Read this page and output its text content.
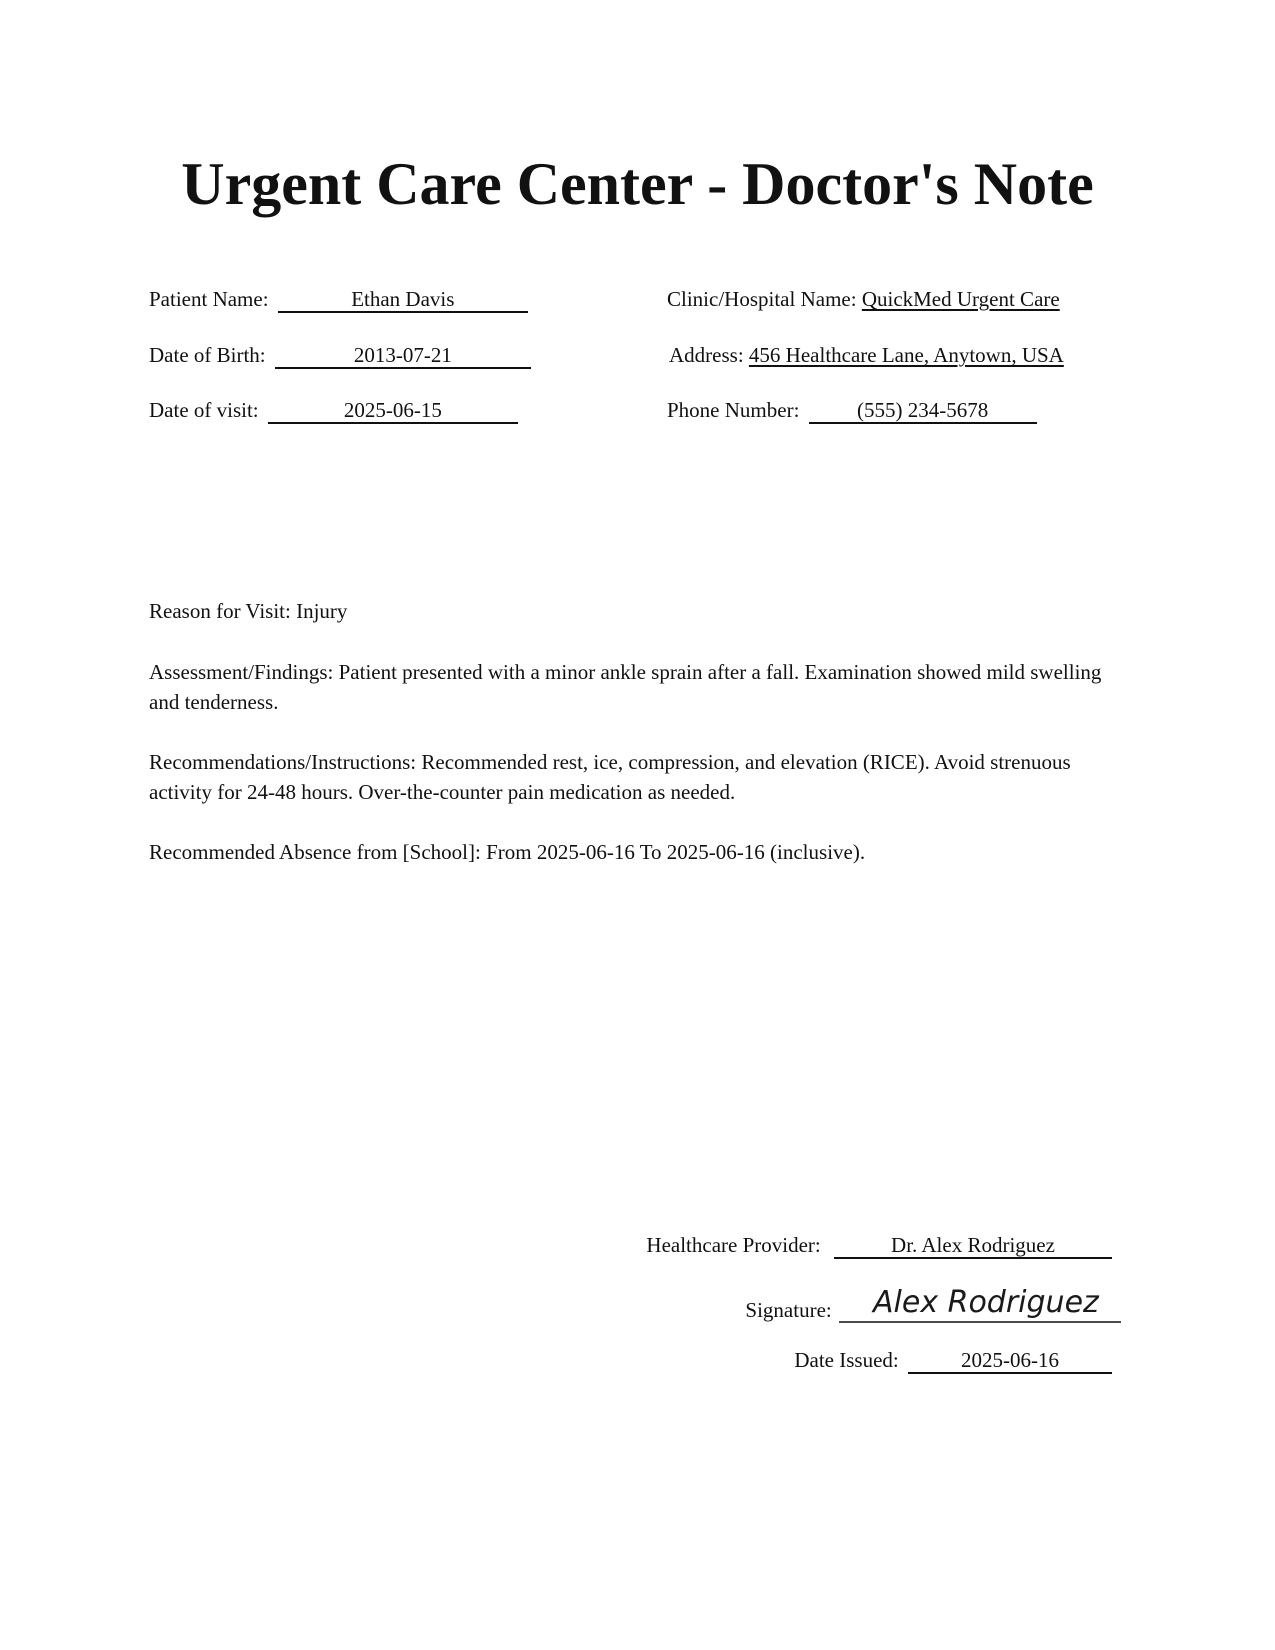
Urgent Care Center - Doctor's Note
Patient Name:	Ethan Davis
Date of Birth:	2013-07-21
Date of visit:	2025-06-15
Clinic/Hospital Name: QuickMed Urgent Care
Address: 456 Healthcare Lane, Anytown, USA
Phone Number:	(555) 234-5678

Reason for Visit: Injury

Assessment/Findings: Patient presented with a minor ankle sprain after a fall. Examination showed mild swelling and tenderness.

Recommendations/Instructions: Recommended rest, ice, compression, and elevation (RICE). Avoid strenuous activity for 24-48 hours. Over-the-counter pain medication as needed.

Recommended Absence from [School]: From 2025-06-16 To 2025-06-16 (inclusive).

Healthcare Provider:	Dr. Alex Rodriguez
Signature: Alex Rodriguez
Date Issued:	2025-06-16
